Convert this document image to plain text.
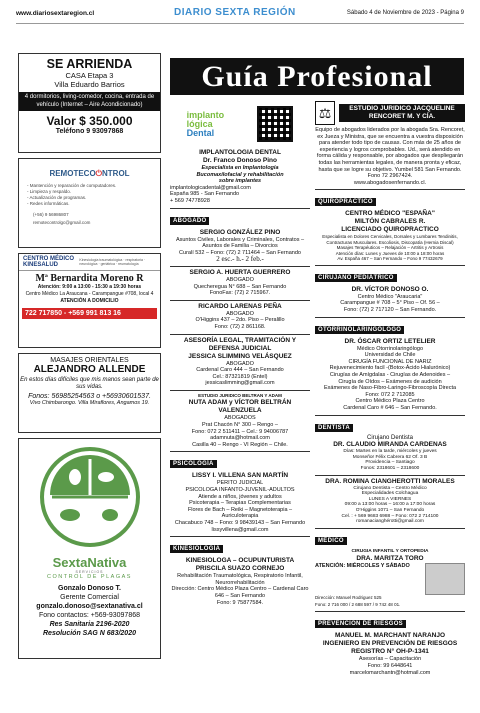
www.diariosextaregion.cl	DIARIO SEXTA REGIÓN	Sábado 4 de Noviembre de 2023 - Página 9
SE ARRIENDA
CASA Etapa 3
Villa Eduardo Barrios
4 dormitorios, living-comedor, cocina, entrada de vehículo (Internet – Aire Acondicionado)
Valor $ 350.000
Teléfono 9 93097868
REMOTECO⏻NTROL
- Mantención y reparación de computadores.
- Limpieza y respaldo.
- Actualización de programas.
- Redes informáticas.
(+56) 9 56986807
remotecontrolgc@gmail.com
CENTRO MÉDICO KINESALUD
Kinesiología traumatológica · respiratoria · neurológica · geriátrica · reumatología
Mª Bernardita Moreno R
Atención: 9:00 a 13:00 - 15:30 a 19:30 horas
Centro Médico La Araucana - Carampangue #708, local 4
ATENCIÓN A DOMICILIO
722 717850 - +569 991 813 16
MASAJES ORIENTALES
ALEJANDRO ALLENDE
En estos días difíciles que mis manos sean parte de sus vidas.
Fonos: 56985254563 o +56930601537.
Vivo Chimbarongo. Villa Miraflores, Angamos 19.
SextaNativa
SERVICIOS
CONTROL DE PLAGAS

Gonzalo Donoso T.

Gerente Comercial

gonzalo.donoso@sextanativa.cl

Fono contactos: +569-93097868

Res Sanitaria 2196-2020

Resolución SAG N 683/2020

Guía Profesional
implanto
lógica
Dental
IMPLANTOLOGIA DENTAL
Dr. Franco Donoso Pino
Especialista en Implantología
Bucomaxilofacial y rehabilitación
sobre implantes
implantologicadental@gmail.com
Espaňa 985 - San Fernando
+ 569 74778928
ABOGADO
SERGIO GONZÁLEZ PINO
Asuntos Civiles, Laborales y Criminales, Contratos – Asuntos de Familia – Divorcios
Curalí 532 – Fono: (72) 2 711464 – San Fernando
2 esc.- h.- 2 feb.-
SERGIO A. HUERTA GUERRERO
ABOGADO
Quecheregua N° 688 – San Fernando
FonoFax: (72) 2 715967.
RICARDO LARENAS PEÑA
ABOGADO
O'Higgins 437 – 2do. Piso – Peralillo
Fono: (72) 2 861168.
ASESORÍA LEGAL, TRAMITACIÓN Y DEFENSA JUDICIAL
JESSICA SLIMMING VELÁSQUEZ
ABOGADO
Cardenal Caro 444 – San Fernando
Cel.: 87321819 (Entel)
jessicaslimming@gmail.com
ESTUDIO JURIDICO BELTRAN Y ADAM
NUTA ADAM y VÍCTOR BELTRÁN VALENZUELA
ABOGADOS
Prat Chacón N° 300 – Rengo –
Fono: 072 2 511411 – Cel.: 9 94006787
adamnuta@hotmail.com
Casilla 40 – Rengo - VI Región – Chile.
PSICOLOGÍA
LISSY I. VILLENA SAN MARTÍN
PERITO JUDICIAL
PSICOLOGA INFANTO-JUVENIL-ADULTOS
Atiende a niños, jóvenes y adultos
Psicoterapia – Terapias Complementarias
Flores de Bach – Reiki – Magnetoterapia – Auriculoterapia
Chacabuco 748 – Fono: 9 98439143 – San Fernando
lissyvillena@gmail.com
KINESIOLOGÍA
KINESIOLOGA – OCUPUNTURISTA
PRISCILA SUAZO CORNEJO
Rehabilitación Traumatológica, Respiratorio Infantil, Neurorrehabilitación
Dirección: Centro Médico Plaza Centro – Cardenal Caro 646 – San Fernando
Fono: 9 75877584.
⚖	ESTUDIO JURIDICO JACQUELINE RENCORET M. Y CÍA.
Equipo de abogados liderados por la abogada Sra. Rencoret, ex Jueza y Ministra, que se encuentra a vuestra disposición para atender todo tipo de causas. Con más de 25 años de experiencia y logros comprobables. Ud., será atendido en forma cálida y responsable, por abogados que despliegarán todas las herramientas legales, de manera pronta y eficaz, hasta que se logre su objetivo. Yumbel 581 San Fernando. Fono 72 2967424.
www.abogadosenfernando.cl.
QUIROPRÁCTICO
CENTRO MÉDICO "ESPAÑA"
MILTÓN CABRALES R.
LICENCIADO QUIROPRACTICO
Especialista en Dolores Cervicales, Dorsales y Lumbares Tendinitis, Contracturas Musculares. Escoliosis, Discopatía (Hernia Discal)
Masajes Terapéuticos – Relajación – Artritis y Artrosis
Atención días: Lunes y Jueves de 10:00 a 18:00 horas
Av. España 467 – San Fernando – Fono 9 77432679
CIRUJANO PEDIÁTRICO
DR. VÍCTOR DONOSO O.
Centro Médico "Araucaria"
Carampangue # 708 – 5° Piso – Of. 56 –
Fono: (72) 2 717120 – San Fernando.
OTORRINOLARINGÓLOGO
DR. ÓSCAR ORTIZ LETELIER
Médico Otorrinolaringólogo
Universidad de Chile
CIRUGÍA FUNCIONAL DE NARIZ
Rejuvenecimiento facil -(Botox-Ácido Hialurónico)
Cirugías de Amígdalas - Cirugías de Adenoides –
Cirugía de Oídos – Exámenes de audición
Exámenes de Naso-Fibro-Laringo-Fibroscopía Directa
Fono: 072 2 712085
Centro Médico Plaza Centro
Cardenal Caro # 646 – San Fernando.
DENTISTA
Cirujano Dentista
DR. CLAUDIO MIRANDA CARDENAS
Días: Martes en la tarde, miércoles y jueves
Monseñor Félix Cabrera 62 Of. 3 B
Providencia – Santiago
Fonos: 2318601 – 2318600
DRA. ROMINA CIANGHEROTTI MORALES
Cirujano Dentista – Centro Médico
Especialidades Colchagua
LUNES A VIERNES
09:00 a 13:00 horas – 16:00 a 17:00 horas
O'Higgins 1071 – San Fernando
Cel. : + 569 9683 6988 – Fono: 072 2 714100
romanacianghérotti@gmail.com
MÉDICO
CIRUGIA INFANTIL Y ORTOPEDIA
DRA. MARITZA TORO
ATENCIÓN: MIÉRCOLES Y SÁBADO
Dirección: Manuel Rodriguez 525
Fono: 2 716 000 / 2 688 597 / 9 742 48 01.
PREVENCIÓN DE RIESGOS
MANUEL M. MARCHANT NARANJO
INGENIERO EN PREVENCIÓN DE RIESGOS
REGISTRO N° OH-P-1341
Asesorías – Capacitación
Fono: 99 6448641
marcelomarchantn@hotmail.com
